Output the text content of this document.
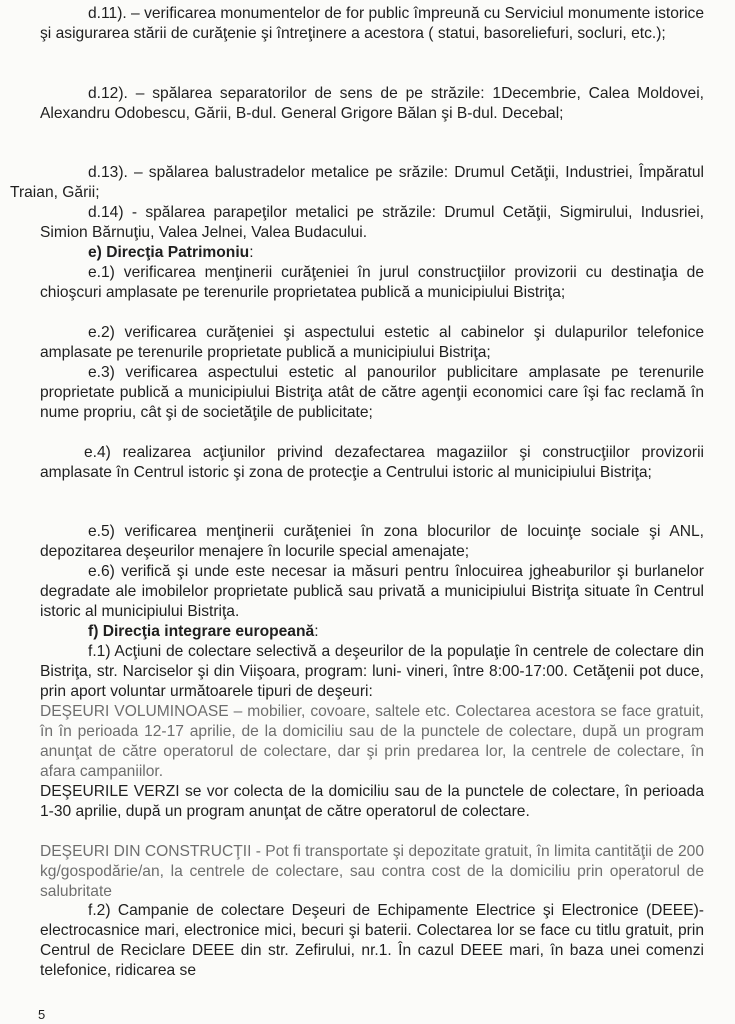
d.11). – verificarea monumentelor de for public împreună cu Serviciul monumente istorice şi asigurarea stării de curăţenie şi întreţinere a acestora ( statui, basoreliefuri, socluri, etc.);

d.12). – spălarea separatorilor de sens de pe străzile: 1Decembrie, Calea Moldovei, Alexandru Odobescu, Gării, B-dul. General Grigore Bălan şi B-dul. Decebal;

d.13). – spălarea balustradelor metalice pe srăzile: Drumul Cetăţii, Industriei, Împăratul Traian, Gării;

d.14) - spălarea parapeţilor metalici pe străzile: Drumul Cetăţii, Sigmirului, Indusriei, Simion Bărnuţiu, Valea Jelnei, Valea Budacului.

e) Direcţia Patrimoniu:

e.1) verificarea menţinerii curăţeniei în jurul construcţiilor provizorii cu destinaţia de chioşcuri amplasate pe terenurile proprietatea publică a municipiului Bistriţa;

e.2) verificarea curăţeniei şi aspectului estetic al cabinelor şi dulapurilor telefonice amplasate pe terenurile proprietate publică a municipiului Bistriţa;

e.3) verificarea aspectului estetic al panourilor publicitare amplasate pe terenurile proprietate publică a municipiului Bistriţa atât de către agenţii economici care îşi fac reclamă în nume propriu, cât şi de societăţile de publicitate;

e.4) realizarea acţiunilor privind dezafectarea magaziilor şi construcţiilor provizorii amplasate în Centrul istoric şi zona de protecţie a Centrului istoric al municipiului Bistriţa;

e.5) verificarea menţinerii curăţeniei în zona blocurilor de locuinţe sociale şi ANL, depozitarea deşeurilor menajere în locurile special amenajate;

e.6) verifică şi unde este necesar ia măsuri pentru înlocuirea jgheaburilor şi burlanelor degradate ale imobilelor proprietate publică sau privată a municipiului Bistriţa situate în Centrul istoric al municipiului Bistriţa.

f) Direcţia integrare europeană:

f.1) Acţiuni de colectare selectivă a deşeurilor de la populaţie în centrele de colectare din Bistriţa, str. Narciselor şi din Viişoara, program: luni- vineri, între 8:00-17:00. Cetăţenii pot duce, prin aport voluntar următoarele tipuri de deşeuri:

DEŞEURI VOLUMINOASE – mobilier, covoare, saltele etc. Colectarea acestora se face gratuit, în în perioada 12-17 aprilie, de la domiciliu sau de la punctele de colectare, după un program anunţat de către operatorul de colectare, dar şi prin predarea lor, la centrele de colectare, în afara campaniilor.

DEŞEURILE VERZI se vor colecta de la domiciliu sau de la punctele de colectare, în perioada 1-30 aprilie, după un program anunţat de către operatorul de colectare.

DEŞEURI DIN CONSTRUCŢII - Pot fi transportate şi depozitate gratuit, în limita cantităţii de 200 kg/gospodărie/an, la centrele de colectare, sau contra cost de la domiciliu prin operatorul de salubritate

f.2) Campanie de colectare Deşeuri de Echipamente Electrice şi Electronice (DEEE)- electrocasnice mari, electronice mici, becuri şi baterii. Colectarea lor se face cu titlu gratuit, prin Centrul de Reciclare DEEE din str. Zefirului, nr.1. În cazul DEEE mari, în baza unei comenzi telefonice, ridicarea se

5
